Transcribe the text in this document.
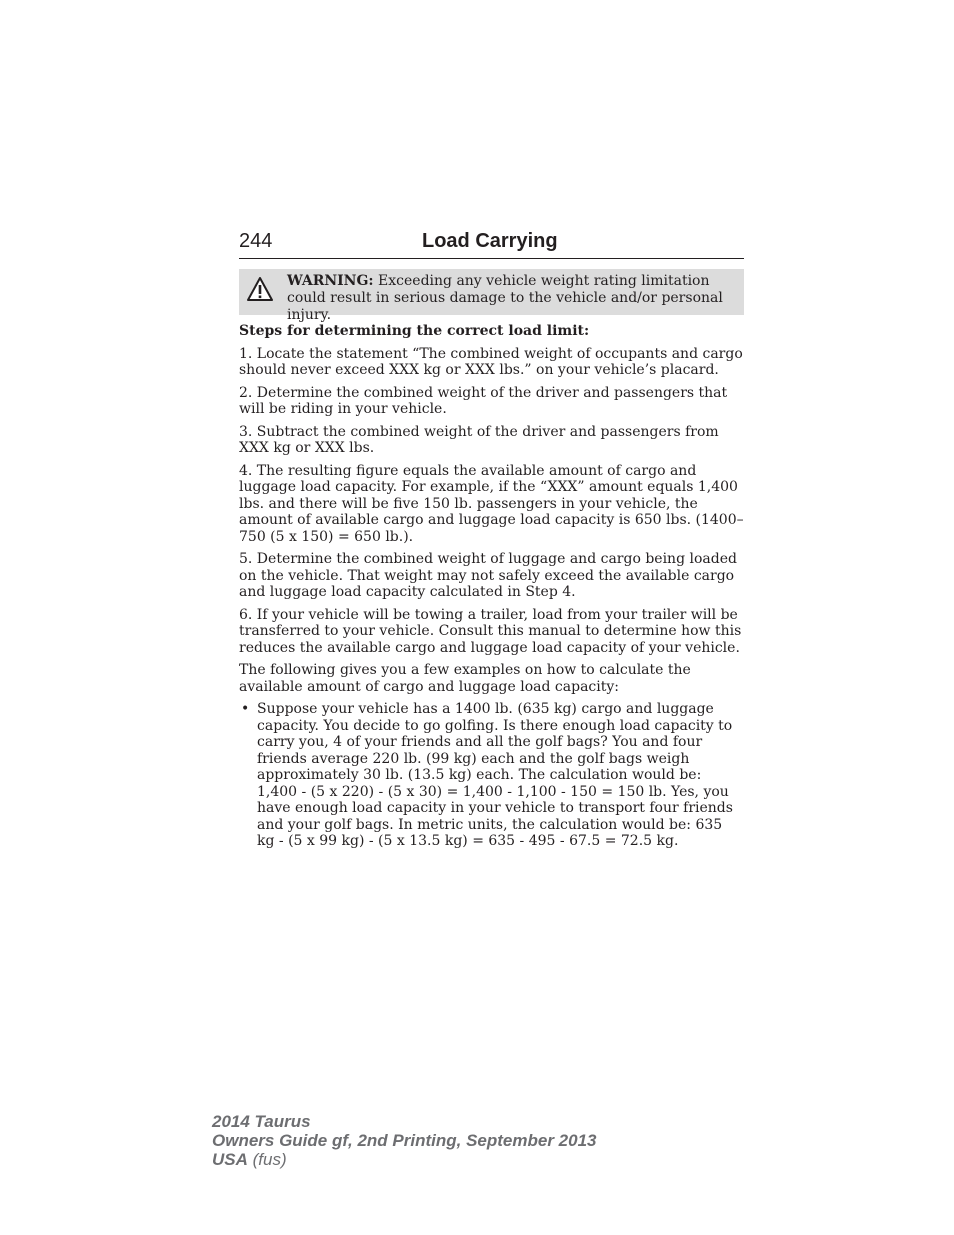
244	Load Carrying
WARNING: Exceeding any vehicle weight rating limitation could result in serious damage to the vehicle and/or personal injury.

Steps for determining the correct load limit:

1. Locate the statement “The combined weight of occupants and cargo should never exceed XXX kg or XXX lbs.” on your vehicle’s placard.

2. Determine the combined weight of the driver and passengers that will be riding in your vehicle.

3. Subtract the combined weight of the driver and passengers from XXX kg or XXX lbs.

4. The resulting figure equals the available amount of cargo and luggage load capacity. For example, if the “XXX” amount equals 1,400 lbs. and there will be five 150 lb. passengers in your vehicle, the amount of available cargo and luggage load capacity is 650 lbs. (1400–750 (5 x 150) = 650 lb.).

5. Determine the combined weight of luggage and cargo being loaded on the vehicle. That weight may not safely exceed the available cargo and luggage load capacity calculated in Step 4.

6. If your vehicle will be towing a trailer, load from your trailer will be transferred to your vehicle. Consult this manual to determine how this reduces the available cargo and luggage load capacity of your vehicle.

The following gives you a few examples on how to calculate the available amount of cargo and luggage load capacity:

• Suppose your vehicle has a 1400 lb. (635 kg) cargo and luggage capacity. You decide to go golfing. Is there enough load capacity to carry you, 4 of your friends and all the golf bags? You and four friends average 220 lb. (99 kg) each and the golf bags weigh approximately 30 lb. (13.5 kg) each. The calculation would be: 1,400 - (5 x 220) - (5 x 30) = 1,400 - 1,100 - 150 = 150 lb. Yes, you have enough load capacity in your vehicle to transport four friends and your golf bags. In metric units, the calculation would be: 635 kg - (5 x 99 kg) - (5 x 13.5 kg) = 635 - 495 - 67.5 = 72.5 kg.
2014 Taurus
Owners Guide gf, 2nd Printing, September 2013
USA (fus)
